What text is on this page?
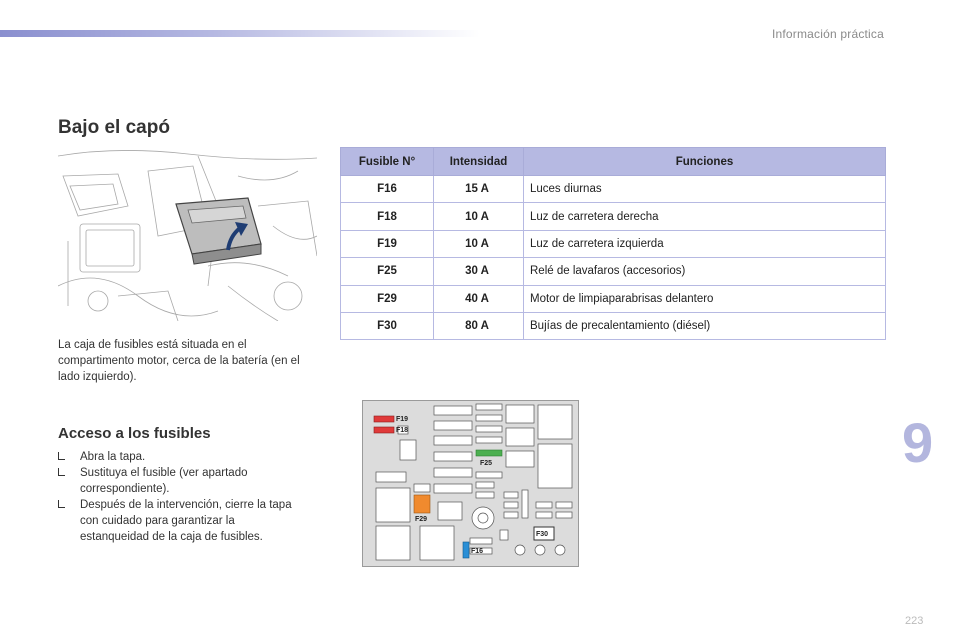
Información práctica
Bajo el capó

La caja de fusibles está situada en el compartimento motor, cerca de la batería (en el lado izquierdo).

Acceso a los fusibles
Abra la tapa.
Sustituya el fusible (ver apartado correspondiente).
Después de la intervención, cierre la tapa con cuidado para garantizar la estanqueidad de la caja de fusibles.
Fusible N°	Intensidad	Funciones
F16	15 A	Luces diurnas
F18	10 A	Luz de carretera derecha
F19	10 A	Luz de carretera izquierda
F25	30 A	Relé de lavafaros (accesorios)
F29	40 A	Motor de limpiaparabrisas delantero
F30	80 A	Bujías de precalentamiento (diésel)
F19
F18
F25
F29
F16
F30
9
223
